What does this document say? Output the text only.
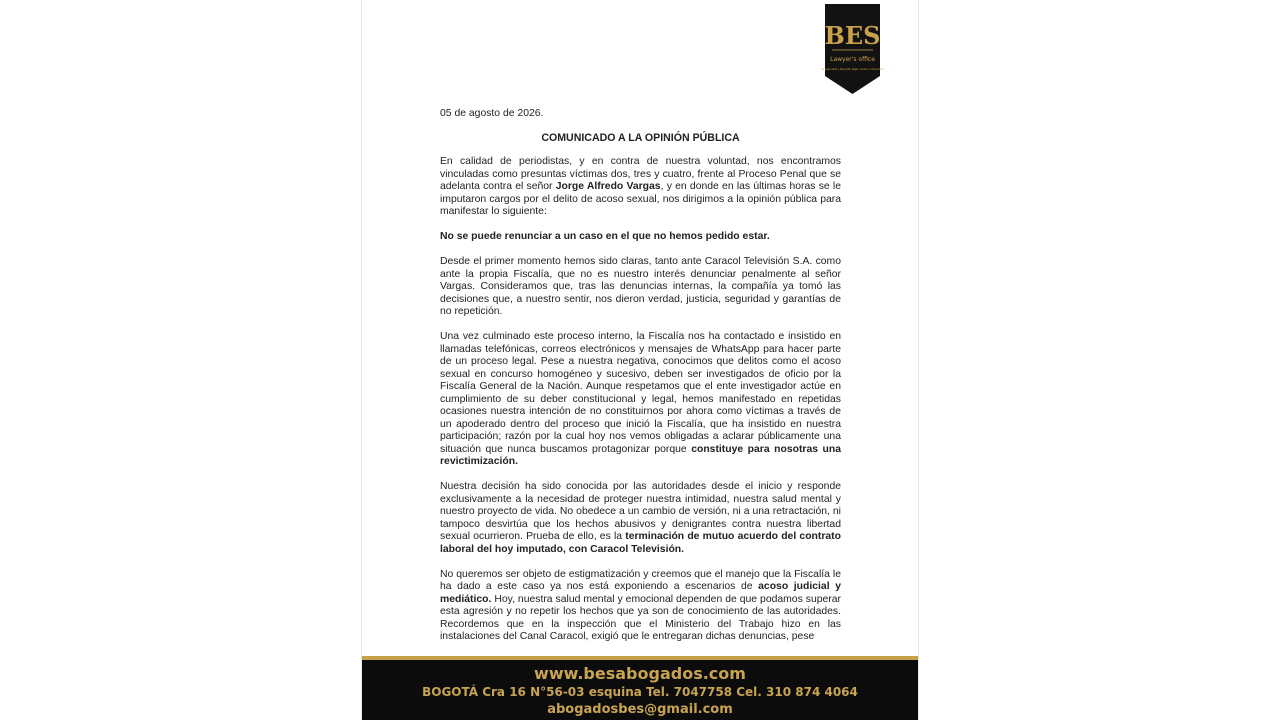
BES
Lawyer's office
Su seguridad y bienestar legal, nuestro compromiso
05 de agosto de 2026.
COMUNICADO A LA OPINIÓN PÚBLICA

En calidad de periodistas, y en contra de nuestra voluntad, nos encontramos vinculadas como presuntas víctimas dos, tres y cuatro, frente al Proceso Penal que se adelanta contra el señor Jorge Alfredo Vargas, y en donde en las últimas horas se le imputaron cargos por el delito de acoso sexual, nos dirigimos a la opinión pública para manifestar lo siguiente:

No se puede renunciar a un caso en el que no hemos pedido estar.

Desde el primer momento hemos sido claras, tanto ante Caracol Televisión S.A. como ante la propia Fiscalía, que no es nuestro interés denunciar penalmente al señor Vargas. Consideramos que, tras las denuncias internas, la compañía ya tomó las decisiones que, a nuestro sentir, nos dieron verdad, justicia, seguridad y garantías de no repetición.

Una vez culminado este proceso interno, la Fiscalía nos ha contactado e insistido en llamadas telefónicas, correos electrónicos y mensajes de WhatsApp para hacer parte de un proceso legal. Pese a nuestra negativa, conocimos que delitos como el acoso sexual en concurso homogéneo y sucesivo, deben ser investigados de oficio por la Fiscalía General de la Nación. Aunque respetamos que el ente investigador actúe en cumplimiento de su deber constitucional y legal, hemos manifestado en repetidas ocasiones nuestra intención de no constituirnos por ahora como víctimas a través de un apoderado dentro del proceso que inició la Fiscalía, que ha insistido en nuestra participación; razón por la cual hoy nos vemos obligadas a aclarar públicamente una situación que nunca buscamos protagonizar porque constituye para nosotras una revictimización.

Nuestra decisión ha sido conocida por las autoridades desde el inicio y responde exclusivamente a la necesidad de proteger nuestra intimidad, nuestra salud mental y nuestro proyecto de vida. No obedece a un cambio de versión, ni a una retractación, ni tampoco desvirtúa que los hechos abusivos y denigrantes contra nuestra libertad sexual ocurrieron. Prueba de ello, es la terminación de mutuo acuerdo del contrato laboral del hoy imputado, con Caracol Televisión.

No queremos ser objeto de estigmatización y creemos que el manejo que la Fiscalía le ha dado a este caso ya nos está exponiendo a escenarios de acoso judicial y mediático. Hoy, nuestra salud mental y emocional dependen de que podamos superar esta agresión y no repetir los hechos que ya son de conocimiento de las autoridades. Recordemos que en la inspección que el Ministerio del Trabajo hizo en las instalaciones del Canal Caracol, exigió que le entregaran dichas denuncias, pese

www.besabogados.com
BOGOTÁ Cra 16 N°56-03 esquina Tel. 7047758 Cel. 310 874 4064
abogadosbes@gmail.com
